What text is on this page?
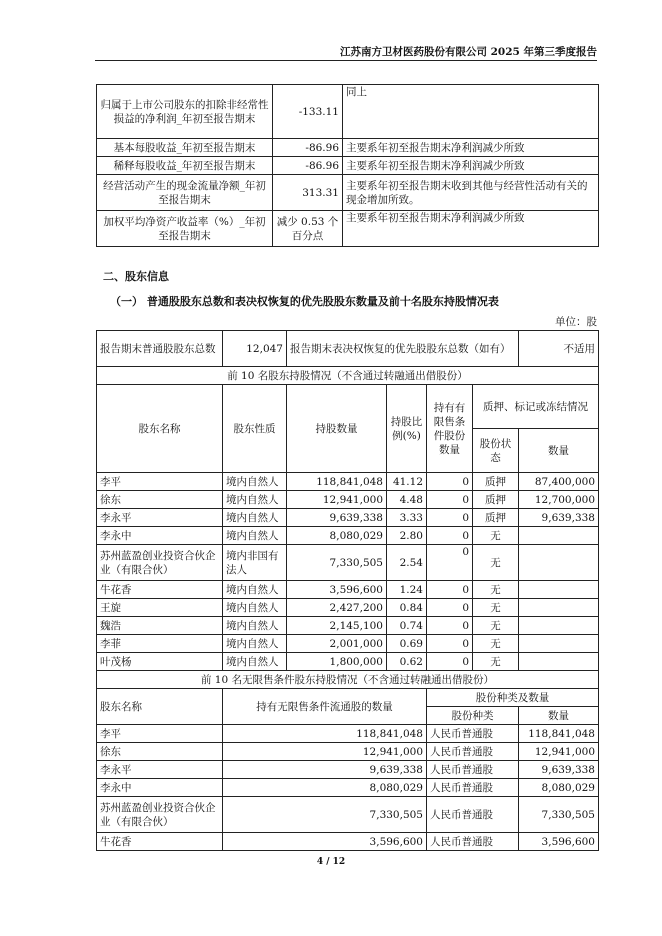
江苏南方卫材医药股份有限公司 2025 年第三季度报告
归属于上市公司股东的扣除非经常性损益的净利润_年初至报告期末	-133.11	同上
基本每股收益_年初至报告期末	-86.96	主要系年初至报告期末净利润减少所致
稀释每股收益_年初至报告期末	-86.96	主要系年初至报告期末净利润减少所致
经营活动产生的现金流量净额_年初至报告期末	313.31	主要系年初至报告期末收到其他与经营性活动有关的现金增加所致。
加权平均净资产收益率（%）_年初至报告期末	减少 0.53 个百分点	主要系年初至报告期末净利润减少所致
二、股东信息
（一） 普通股股东总数和表决权恢复的优先股股东数量及前十名股东持股情况表
单位：股
报告期末普通股股东总数	12,047	报告期末表决权恢复的优先股股东总数（如有）				不适用
前 10 名股东持股情况（不含通过转融通出借股份）						
股东名称	股东性质	持股数量	持股比例(%)	持有有限售条件股份数量	质押、标记或冻结情况	
					股份状态	数量
李平	境内自然人	118,841,048	41.12	0	质押	87,400,000
徐东	境内自然人	12,941,000	4.48	0	质押	12,700,000
李永平	境内自然人	9,639,338	3.33	0	质押	9,639,338
李永中	境内自然人	8,080,029	2.80	0	无	
苏州蓝盈创业投资合伙企业（有限合伙）	境内非国有法人	7,330,505	2.54	0	无	
牛花香	境内自然人	3,596,600	1.24	0	无	
王旋	境内自然人	2,427,200	0.84	0	无	
魏浩	境内自然人	2,145,100	0.74	0	无	
李菲	境内自然人	2,001,000	0.69	0	无	
叶茂杨	境内自然人	1,800,000	0.62	0	无	
前 10 名无限售条件股东持股情况（不含通过转融通出借股份）						
股东名称	持有无限售条件流通股的数量			股份种类及数量		
				股份种类		数量
李平	118,841,048			人民币普通股		118,841,048
徐东	12,941,000			人民币普通股		12,941,000
李永平	9,639,338			人民币普通股		9,639,338
李永中	8,080,029			人民币普通股		8,080,029
苏州蓝盈创业投资合伙企业（有限合伙）	7,330,505			人民币普通股		7,330,505
牛花香	3,596,600			人民币普通股		3,596,600
4 / 12
